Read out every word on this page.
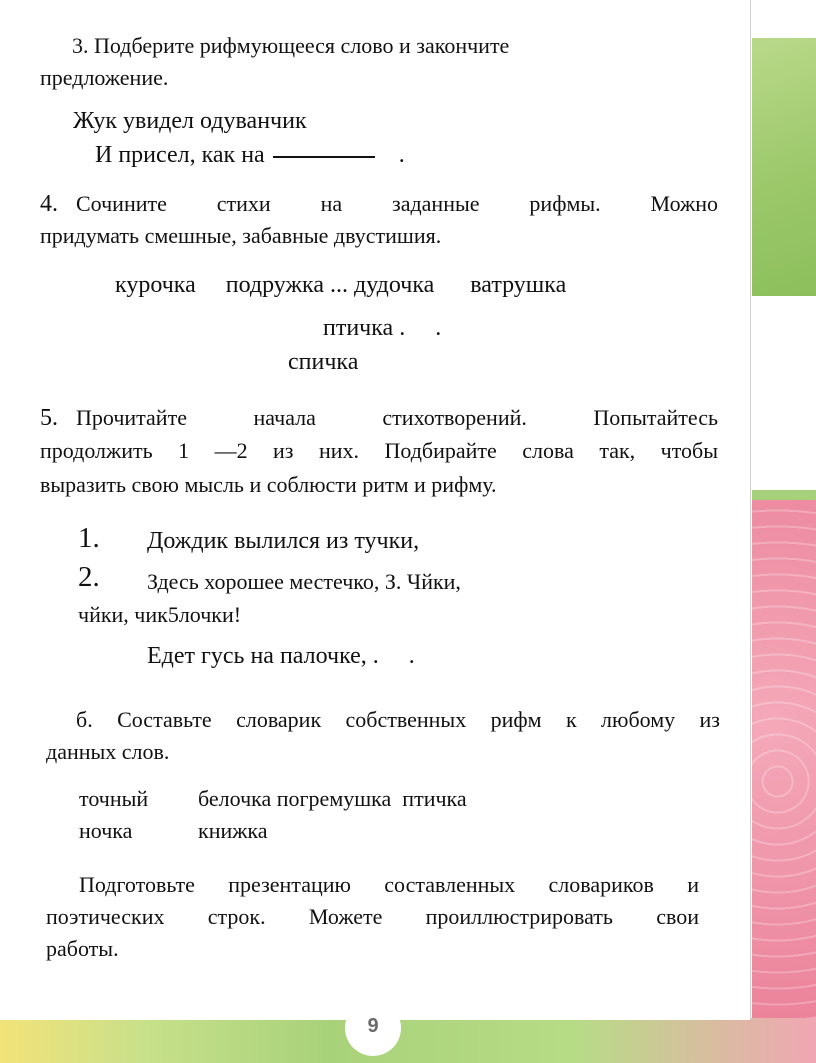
3. Подберите рифмующееся слово и закончите
предложение.
Жук увидел одуванчик
И присел, как на	.
4. Сочините стихи на заданные рифмы. Можно
придумать смешные, забавные двустишия.
курочка     подружка ... дудочка      ватрушка
птичка .     .
спичка
5. Прочитайте начала стихотворений. Попытайтесь
продолжить 1 —2 из них. Подбирайте слова так, чтобы
выразить свою мысль и соблюсти ритм и рифму.
1. Дождик вылился из тучки,
2. Здесь хорошее местечко, З. Чйки,
чйки, чик5лочки!
Едет гусь на палочке, .     .
б. Составьте словарик собственных рифм к любому из
данных слов.
точный белочка погремушка  птичка
ночка	книжка
Подготовьте презентацию составленных словариков и
поэтических строк. Можете проиллюстрировать свои
работы.
9
